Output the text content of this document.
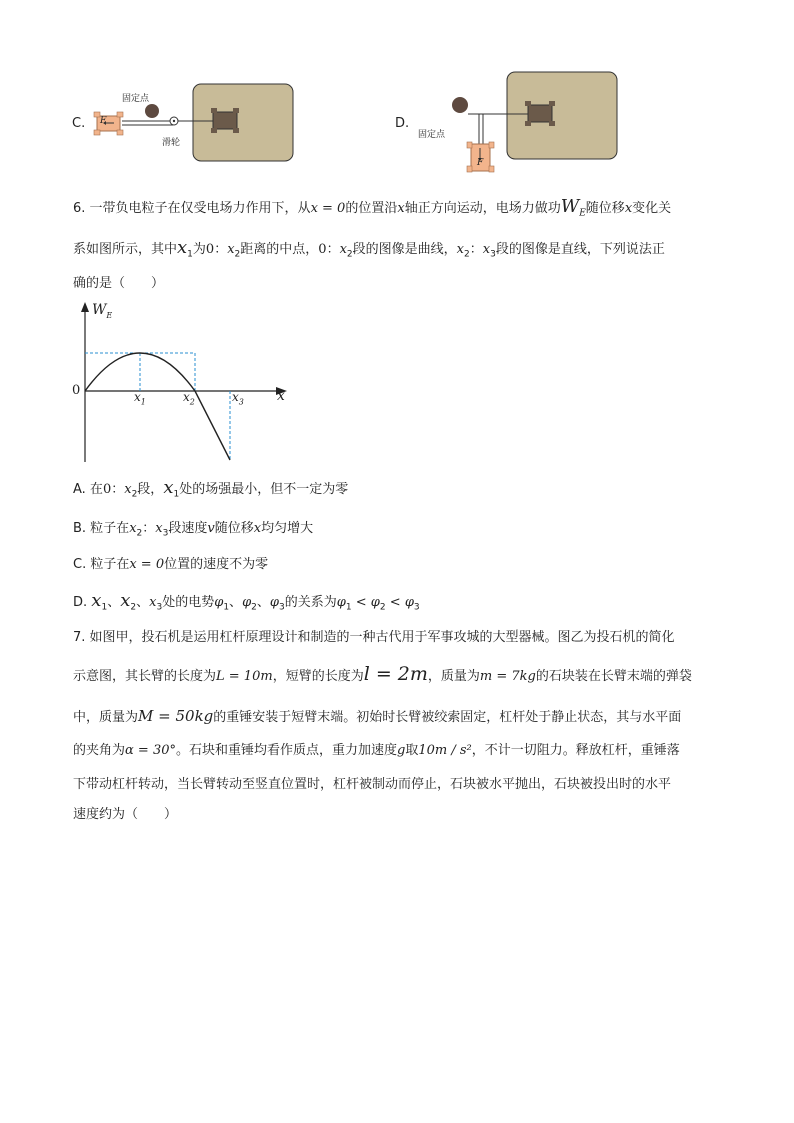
C. F
固定点
滑轮
D.
固定点
F
6. 一带负电粒子在仅受电场力作用下，从x = 0的位置沿x轴正方向运动，电场力做功$W_E$随位移x变化关
系如图所示，其中$x_1$为0：$x_2$距离的中点，0：$x_2$段的图像是曲线，$x_2$：$x_3$段的图像是直线，下列说法正
确的是（　　）
$W_E$
0	x
$x_1$	$x_2$	$x_3$
A. 在0：$x_2$段，$x_1$处的场强最小，但不一定为零
B. 粒子在$x_2$：$x_3$段速度v随位移x均匀增大
C. 粒子在x = 0位置的速度不为零
D. $x_1$、$x_2$、$x_3$处的电势$\varphi_1$、$\varphi_2$、$\varphi_3$的关系为$\varphi_1 < \varphi_2 < \varphi_3$
7. 如图甲，投石机是运用杠杆原理设计和制造的一种古代用于军事攻城的大型器械。图乙为投石机的简化
示意图，其长臂的长度为L = 10m，短臂的长度为l = 2m，质量为m = 7kg的石块装在长臂末端的弹袋
中，质量为M = 50kg的重锤安装于短臂末端。初始时长臂被绞索固定，杠杆处于静止状态，其与水平面
的夹角为α = 30°。石块和重锤均看作质点，重力加速度g取10m / s²，不计一切阻力。释放杠杆，重锤落
下带动杠杆转动，当长臂转动至竖直位置时，杠杆被制动而停止，石块被水平抛出，石块被投出时的水平
速度约为（　　）
